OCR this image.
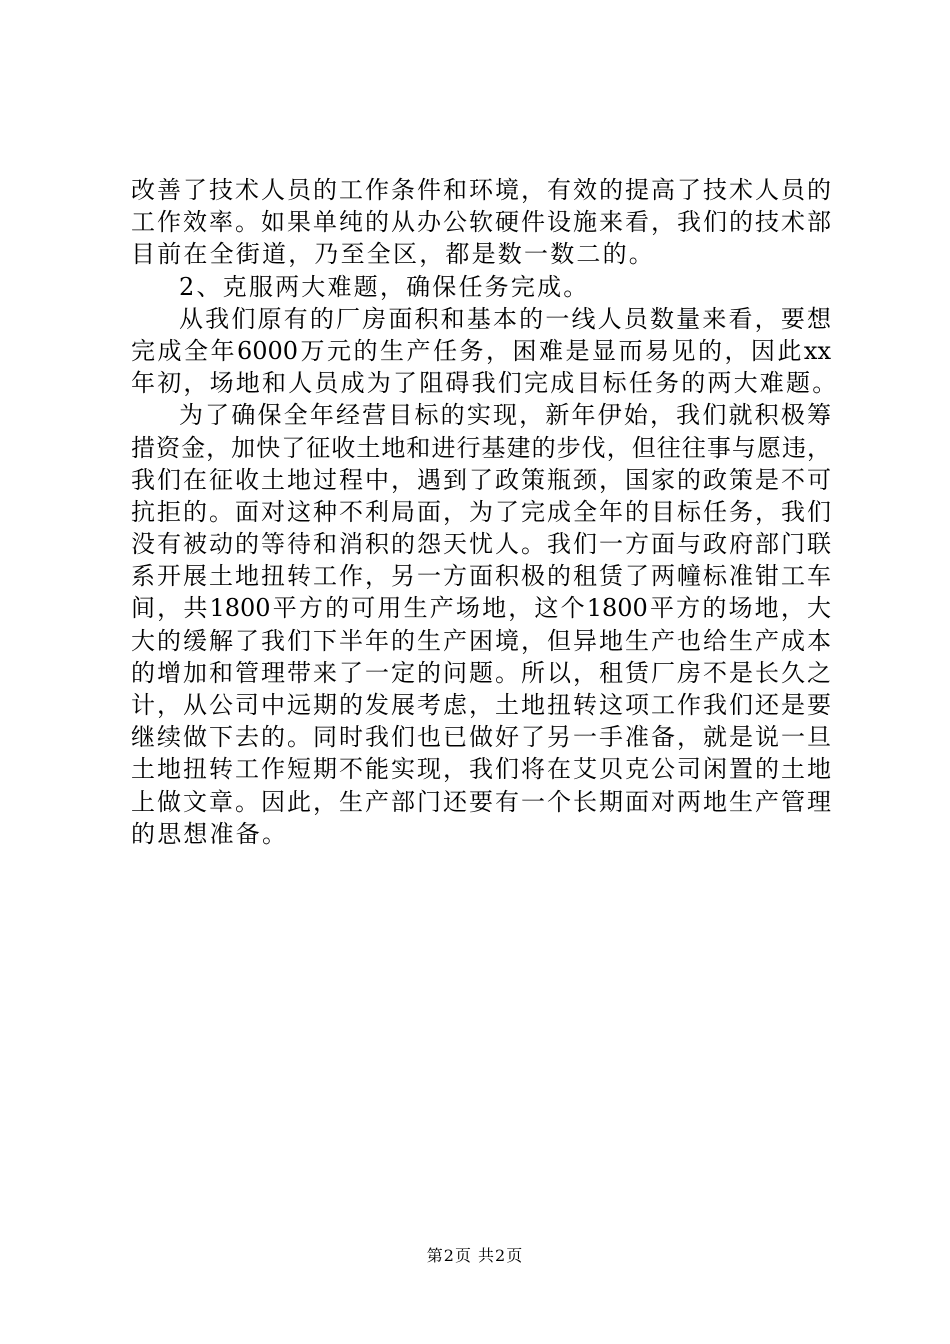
改善了技术人员的工作条件和环境，有效的提高了技术人员的
工作效率。如果单纯的从办公软硬件设施来看，我们的技术部
目前在全街道，乃至全区，都是数一数二的。
2、克服两大难题，确保任务完成。
从我们原有的厂房面积和基本的一线人员数量来看，要想
完成全年6000万元的生产任务，困难是显而易见的，因此xx
年初，场地和人员成为了阻碍我们完成目标任务的两大难题。
为了确保全年经营目标的实现，新年伊始，我们就积极筹
措资金，加快了征收土地和进行基建的步伐，但往往事与愿违，
我们在征收土地过程中，遇到了政策瓶颈，国家的政策是不可
抗拒的。面对这种不利局面，为了完成全年的目标任务，我们
没有被动的等待和消积的怨天忧人。我们一方面与政府部门联
系开展土地扭转工作，另一方面积极的租赁了两幢标准钳工车
间，共1800平方的可用生产场地，这个1800平方的场地，大
大的缓解了我们下半年的生产困境，但异地生产也给生产成本
的增加和管理带来了一定的问题。所以，租赁厂房不是长久之
计，从公司中远期的发展考虑，土地扭转这项工作我们还是要
继续做下去的。同时我们也已做好了另一手准备，就是说一旦
土地扭转工作短期不能实现，我们将在艾贝克公司闲置的土地
上做文章。因此，生产部门还要有一个长期面对两地生产管理
的思想准备。
第2页 共2页
